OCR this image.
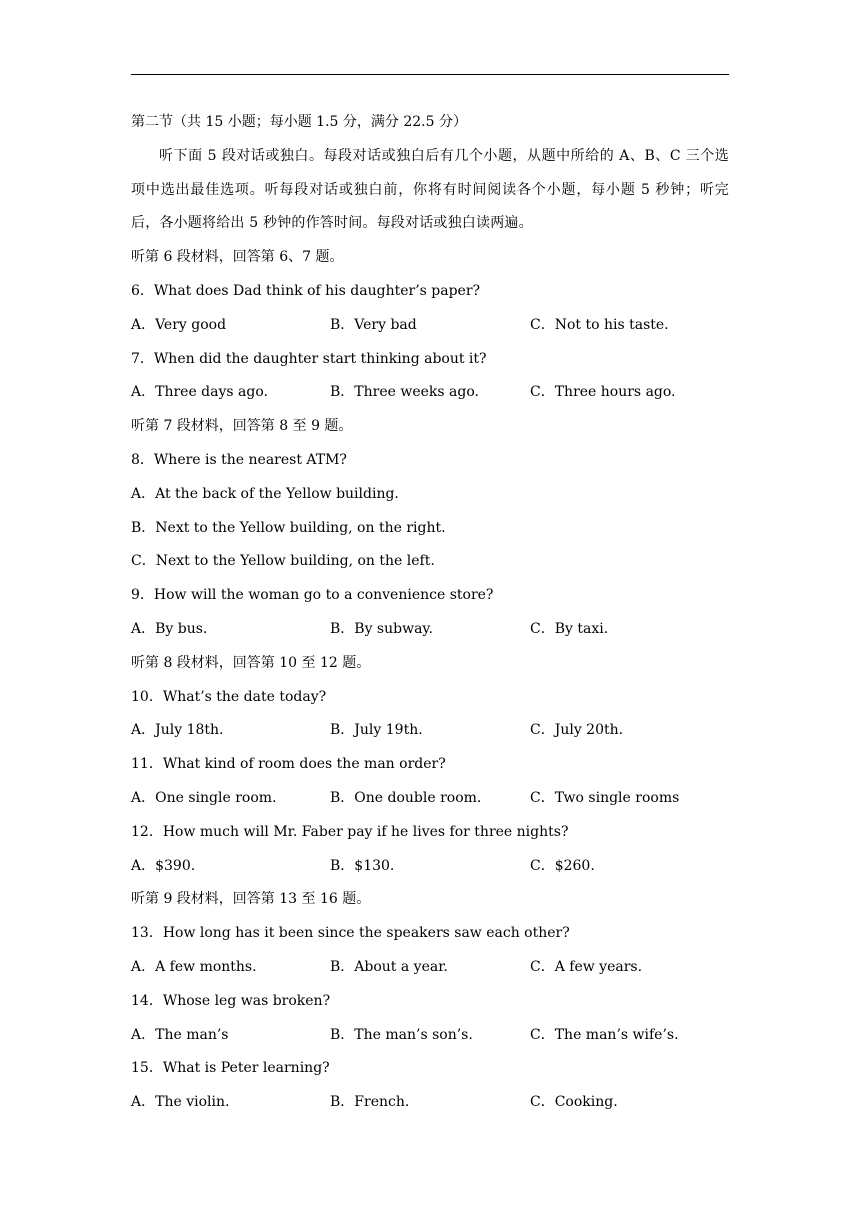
第二节（共 15 小题；每小题 1.5 分，满分 22.5 分）
听下面 5 段对话或独白。每段对话或独白后有几个小题，从题中所给的 A、B、C 三个选项中选出最佳选项。听每段对话或独白前，你将有时间阅读各个小题，每小题 5 秒钟；听完后，各小题将给出 5 秒钟的作答时间。每段对话或独白读两遍。
听第 6 段材料，回答第 6、7 题。
6．What does Dad think of his daughter’s paper?
A．Very good	B．Very bad	C．Not to his taste.
7．When did the daughter start thinking about it?
A．Three days ago.	B．Three weeks ago.	C．Three hours ago.
听第 7 段材料，回答第 8 至 9 题。
8．Where is the nearest ATM?
A．At the back of the Yellow building.
B．Next to the Yellow building, on the right.
C．Next to the Yellow building, on the left.
9．How will the woman go to a convenience store?
A．By bus.	B．By subway.	C．By taxi.
听第 8 段材料，回答第 10 至 12 题。
10．What’s the date today?
A．July 18th.	B．July 19th.	C．July 20th.
11．What kind of room does the man order?
A．One single room.	B．One double room.	C．Two single rooms
12．How much will Mr. Faber pay if he lives for three nights?
A．$390.	B．$130.	C．$260.
听第 9 段材料，回答第 13 至 16 题。
13．How long has it been since the speakers saw each other?
A．A few months.	B．About a year.	C．A few years.
14．Whose leg was broken?
A．The man’s	B．The man’s son’s.	C．The man’s wife’s.
15．What is Peter learning?
A．The violin.	B．French.	C．Cooking.
